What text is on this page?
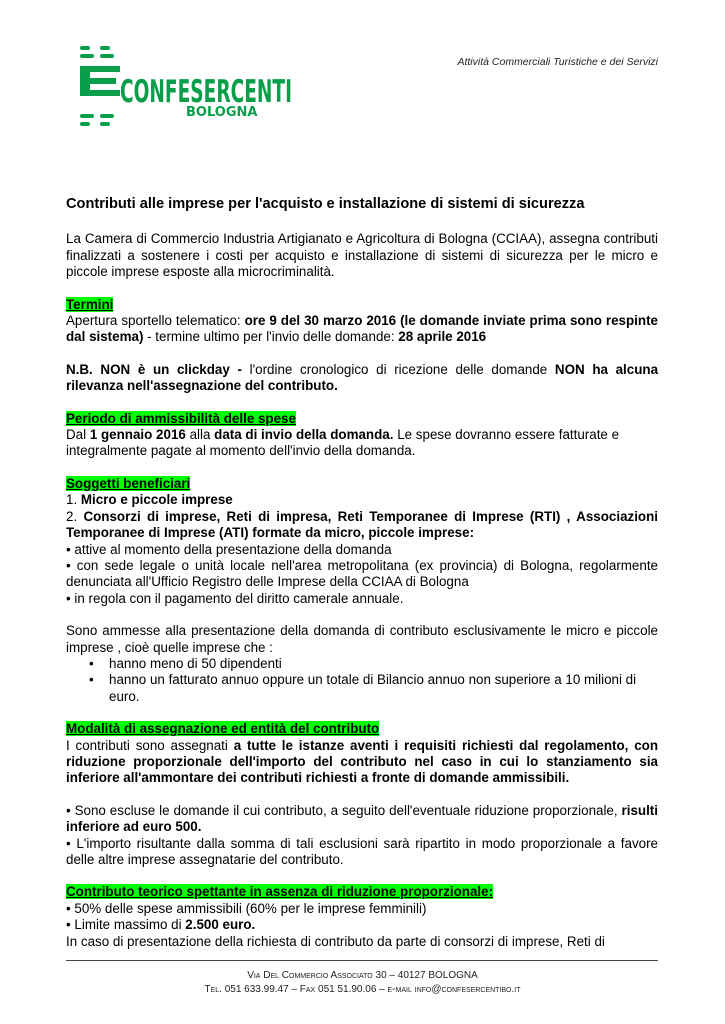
CONFESERCENTI
BOLOGNA
Attività Commerciali Turistiche e dei Servizi

Contributi alle imprese per l'acquisto e installazione di sistemi di sicurezza

La Camera di Commercio Industria Artigianato e Agricoltura di Bologna (CCIAA), assegna contributi finalizzati a sostenere i costi per acquisto e installazione di sistemi di sicurezza per le micro e piccole imprese esposte alla microcriminalità.

Termini

Apertura sportello telematico: ore 9 del 30 marzo 2016 (le domande inviate prima sono respinte dal sistema) - termine ultimo per l'invio delle domande: 28 aprile 2016

N.B. NON è un clickday - l'ordine cronologico di ricezione delle domande NON ha alcuna rilevanza nell'assegnazione del contributo.

Periodo di ammissibilità delle spese

Dal 1 gennaio 2016 alla data di invio della domanda. Le spese dovranno essere fatturate e integralmente pagate al momento dell'invio della domanda.

Soggetti beneficiari

1. Micro e piccole imprese

2. Consorzi di imprese, Reti di impresa, Reti Temporanee di Imprese (RTI) , Associazioni Temporanee di Imprese (ATI) formate da micro, piccole imprese:

• attive al momento della presentazione della domanda

• con sede legale o unità locale nell'area metropolitana (ex provincia) di Bologna, regolarmente denunciata all'Ufficio Registro delle Imprese della CCIAA di Bologna

• in regola con il pagamento del diritto camerale annuale.

Sono ammesse alla presentazione della domanda di contributo esclusivamente le micro e piccole imprese , cioè quelle imprese che :

• hanno meno di 50 dipendenti
• hanno un fatturato annuo oppure un totale di Bilancio annuo non superiore a 10 milioni di euro.

Modalità di assegnazione ed entità del contributo

I contributi sono assegnati a tutte le istanze aventi i requisiti richiesti dal regolamento, con riduzione proporzionale dell'importo del contributo nel caso in cui lo stanziamento sia inferiore all'ammontare dei contributi richiesti a fronte di domande ammissibili.

• Sono escluse le domande il cui contributo, a seguito dell'eventuale riduzione proporzionale, risulti inferiore ad euro 500.

• L'importo risultante dalla somma di tali esclusioni sarà ripartito in modo proporzionale a favore delle altre imprese assegnatarie del contributo.

Contributo teorico spettante in assenza di riduzione proporzionale:

• 50% delle spese ammissibili (60% per le imprese femminili)

• Limite massimo di 2.500 euro.

In caso di presentazione della richiesta di contributo da parte di consorzi di imprese, Reti di

Via Del Commercio Associato 30 – 40127 BOLOGNA
Tel. 051 633.99.47 – Fax 051 51.90.06 – e-mail info@confesercentibo.it
